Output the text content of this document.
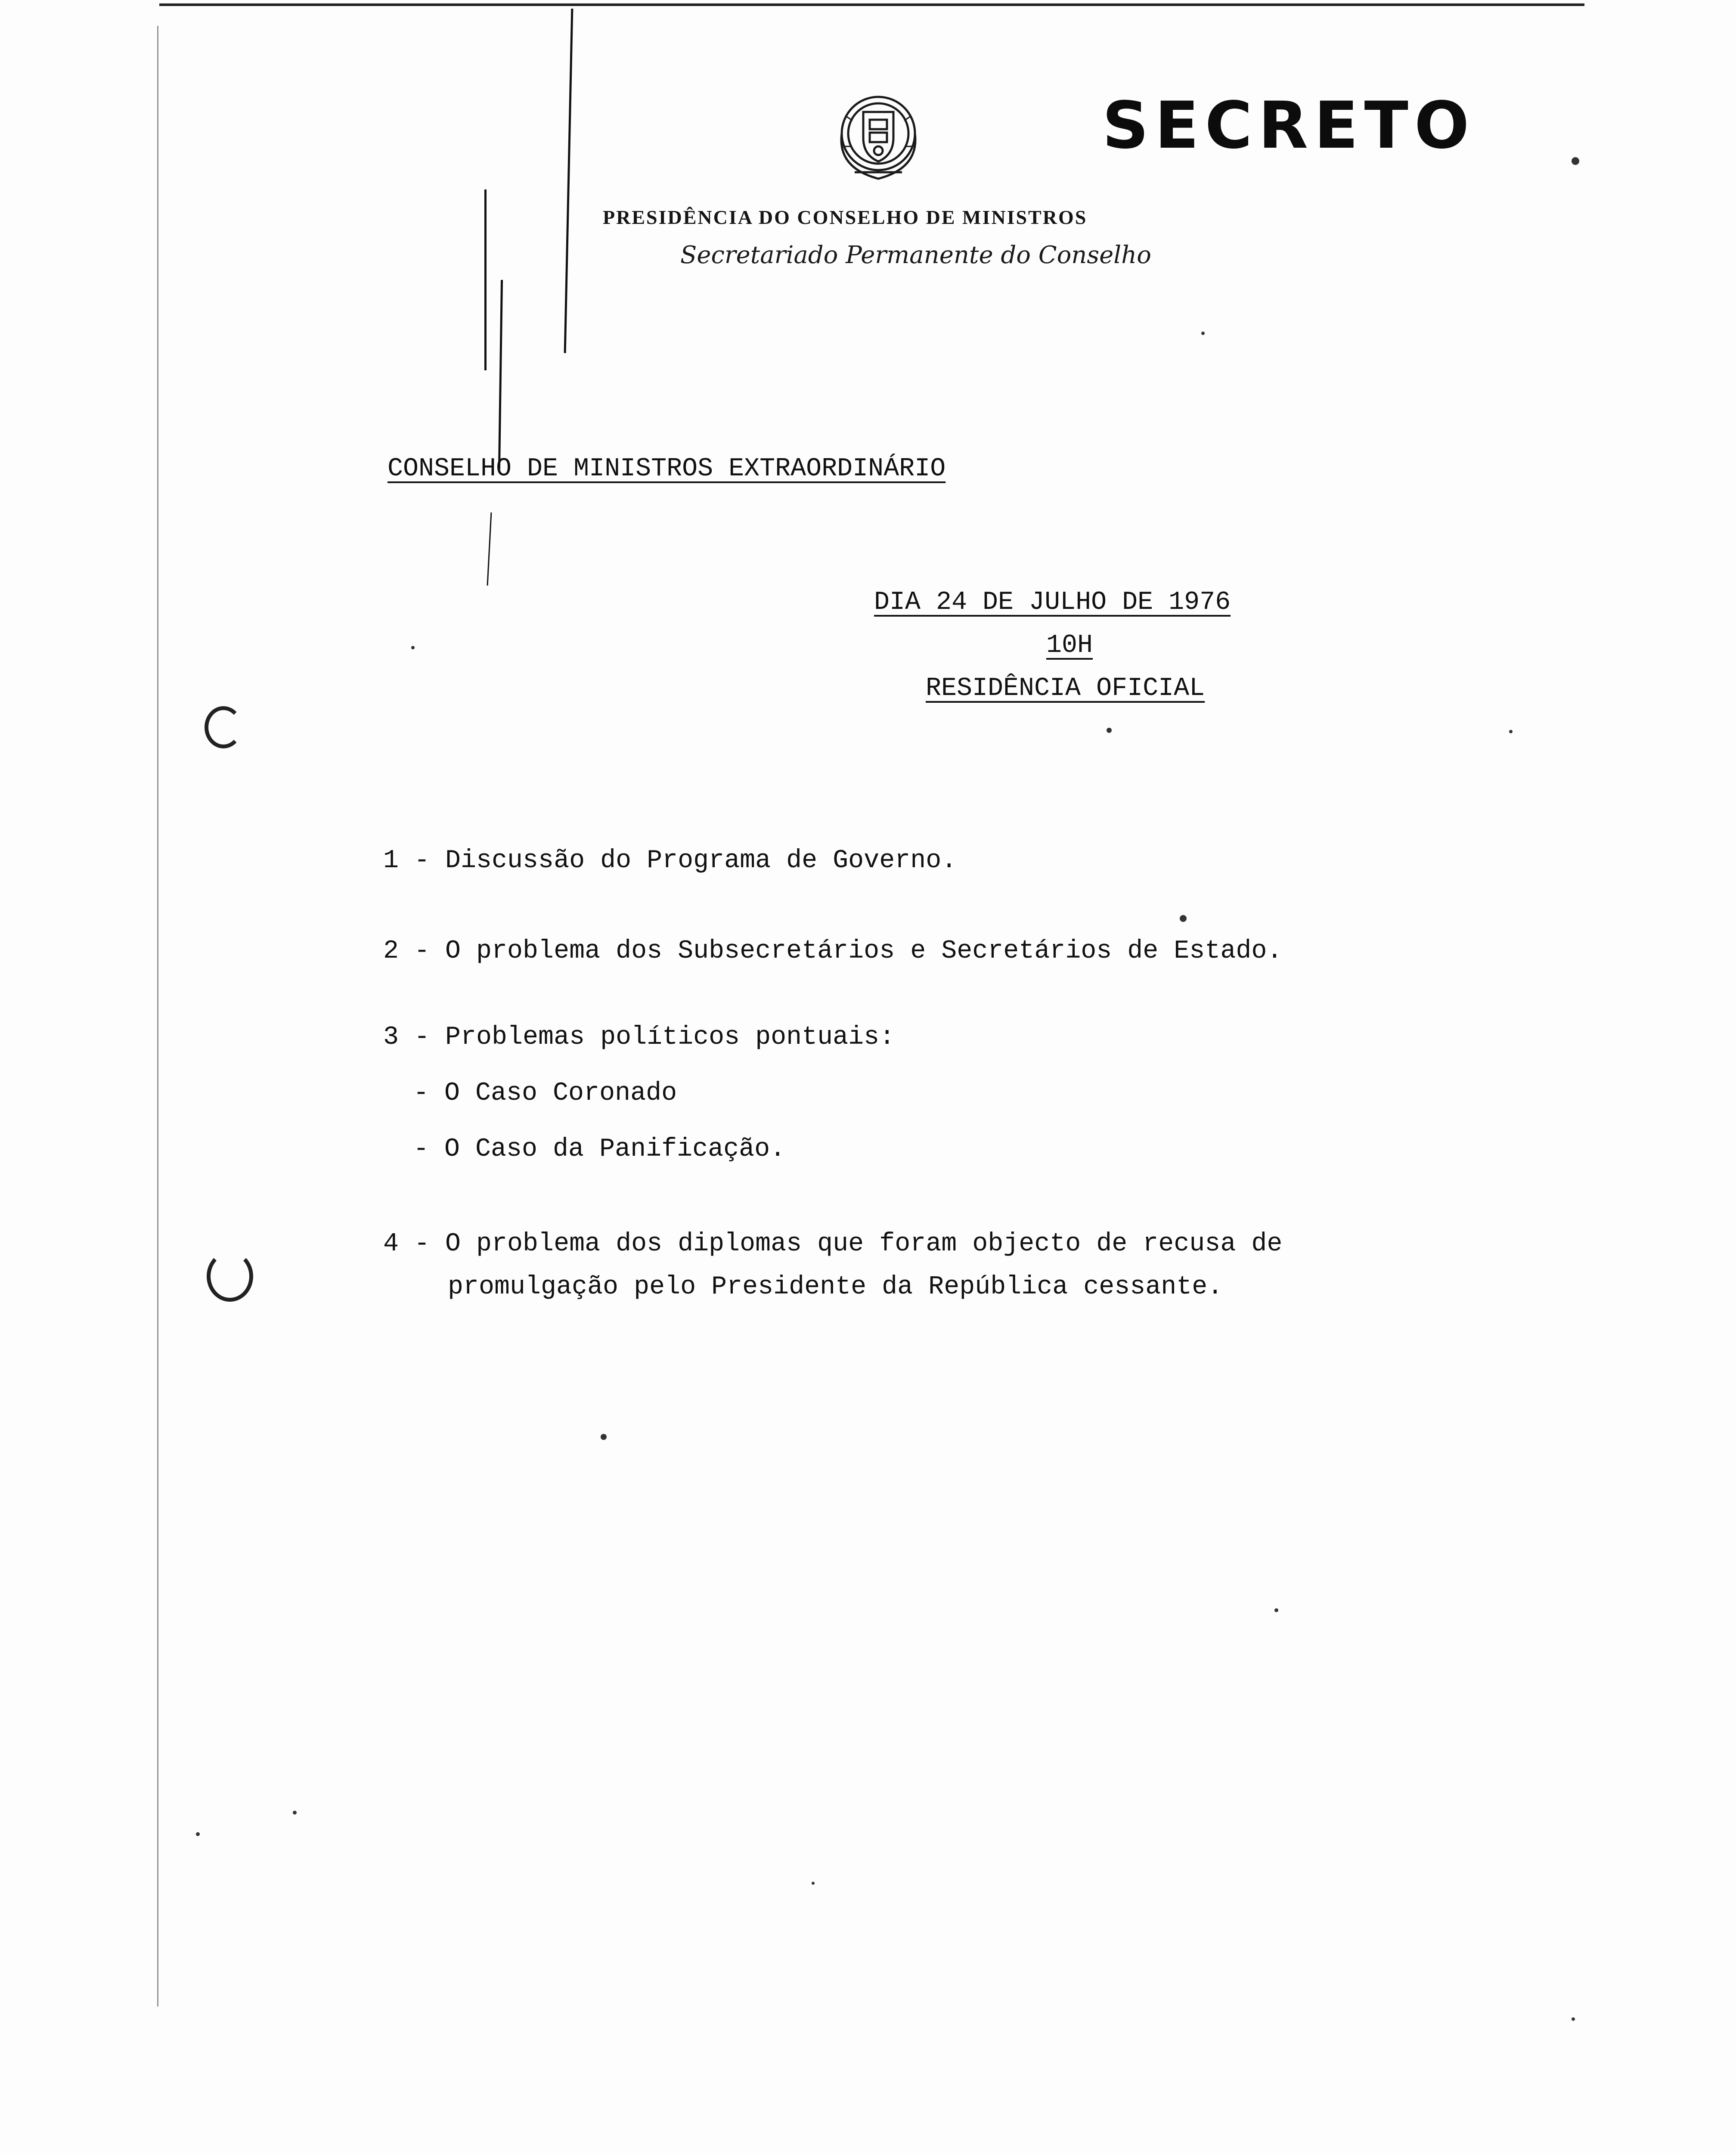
SECRETO
PRESIDÊNCIA DO CONSELHO DE MINISTROS
Secretariado Permanente do Conselho
CONSELHO DE MINISTROS EXTRAORDINÁRIO
DIA 24 DE JULHO DE 1976
10H
RESIDÊNCIA OFICIAL
1 - Discussão do Programa de Governo.
2 - O problema dos Subsecretários e Secretários de Estado.
3 - Problemas políticos pontuais:
- O Caso Coronado
- O Caso da Panificação.
4 - O problema dos diplomas que foram objecto de recusa de
promulgação pelo Presidente da República cessante.
